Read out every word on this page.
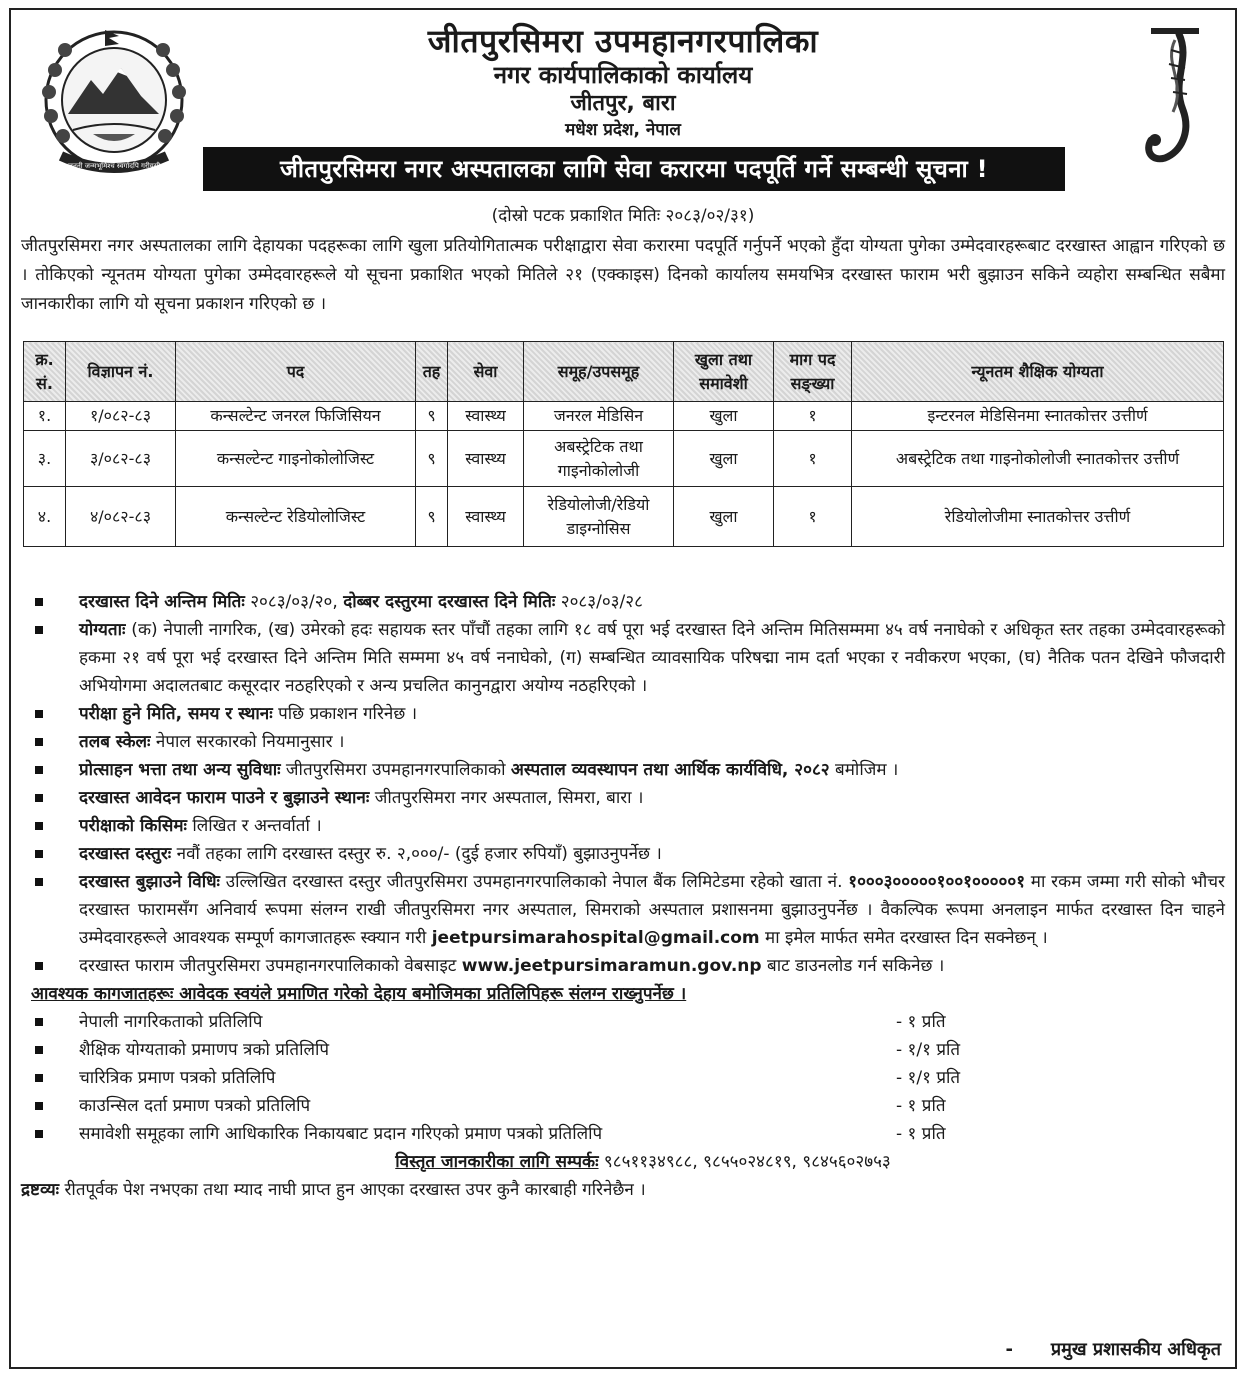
जननी जन्मभूमिश्च स्वर्गादपि गरीयसी
जीतपुरसिमरा उपमहानगरपालिका
नगर कार्यपालिकाको कार्यालय
जीतपुर, बारा
मधेश प्रदेश, नेपाल
जीतपुरसिमरा नगर अस्पतालका लागि सेवा करारमा पदपूर्ति गर्ने सम्बन्धी सूचना !
(दोस्रो पटक प्रकाशित मितिः २०८३/०२/३१)
जीतपुरसिमरा नगर अस्पतालका लागि देहायका पदहरूका लागि खुला प्रतियोगितात्मक परीक्षाद्वारा सेवा करारमा पदपूर्ति गर्नुपर्ने भएको हुँदा योग्यता पुगेका उम्मेदवारहरूबाट दरखास्त आह्वान गरिएको छ । तोकिएको न्यूनतम योग्यता पुगेका उम्मेदवारहरूले यो सूचना प्रकाशित भएको मितिले २१ (एक्काइस) दिनको कार्यालय समयभित्र दरखास्त फाराम भरी बुझाउन सकिने व्यहोरा सम्बन्धित सबैमा जानकारीका लागि यो सूचना प्रकाशन गरिएको छ ।
क्र. सं.	विज्ञापन नं.	पद	तह	सेवा	समूह/उपसमूह	खुला तथा समावेशी	माग पद सङ्ख्या	न्यूनतम शैक्षिक योग्यता
१.	१/०८२-८३	कन्सल्टेन्ट जनरल फिजिसियन	९	स्वास्थ्य	जनरल मेडिसिन	खुला	१	इन्टरनल मेडिसिनमा स्नातकोत्तर उत्तीर्ण
३.	३/०८२-८३	कन्सल्टेन्ट गाइनोकोलोजिस्ट	९	स्वास्थ्य	अबस्ट्रेटिक तथा गाइनोकोलोजी	खुला	१	अबस्ट्रेटिक तथा गाइनोकोलोजी स्नातकोत्तर उत्तीर्ण
४.	४/०८२-८३	कन्सल्टेन्ट रेडियोलोजिस्ट	९	स्वास्थ्य	रेडियोलोजी/रेडियो डाइग्नोसिस	खुला	१	रेडियोलोजीमा स्नातकोत्तर उत्तीर्ण
दरखास्त दिने अन्तिम मितिः २०८३/०३/२०, दोब्बर दस्तुरमा दरखास्त दिने मितिः २०८३/०३/२८
योग्यताः (क) नेपाली नागरिक, (ख) उमेरको हदः सहायक स्तर पाँचौं तहका लागि १८ वर्ष पूरा भई दरखास्त दिने अन्तिम मितिसम्ममा ४५ वर्ष ननाघेको र अधिकृत स्तर तहका उम्मेदवारहरूको हकमा २१ वर्ष पूरा भई दरखास्त दिने अन्तिम मिति सम्ममा ४५ वर्ष ननाघेको, (ग) सम्बन्धित व्यावसायिक परिषद्मा नाम दर्ता भएका र नवीकरण भएका, (घ) नैतिक पतन देखिने फौजदारी अभियोगमा अदालतबाट कसूरदार नठहरिएको र अन्य प्रचलित कानुनद्वारा अयोग्य नठहरिएको ।
परीक्षा हुने मिति, समय र स्थानः पछि प्रकाशन गरिनेछ ।
तलब स्केलः नेपाल सरकारको नियमानुसार ।
प्रोत्साहन भत्ता तथा अन्य सुविधाः जीतपुरसिमरा उपमहानगरपालिकाको अस्पताल व्यवस्थापन तथा आर्थिक कार्यविधि, २०८२ बमोजिम ।
दरखास्त आवेदन फाराम पाउने र बुझाउने स्थानः जीतपुरसिमरा नगर अस्पताल, सिमरा, बारा ।
परीक्षाको किसिमः लिखित र अन्तर्वार्ता ।
दरखास्त दस्तुरः नवौं तहका लागि दरखास्त दस्तुर रु. २,०००/- (दुई हजार रुपियाँ) बुझाउनुपर्नेछ ।
दरखास्त बुझाउने विधिः उल्लिखित दरखास्त दस्तुर जीतपुरसिमरा उपमहानगरपालिकाको नेपाल बैंक लिमिटेडमा रहेको खाता नं. १०००३०००००१००१०००००१ मा रकम जम्मा गरी सोको भौचर दरखास्त फारामसँग अनिवार्य रूपमा संलग्न राखी जीतपुरसिमरा नगर अस्पताल, सिमराको अस्पताल प्रशासनमा बुझाउनुपर्नेछ । वैकल्पिक रूपमा अनलाइन मार्फत दरखास्त दिन चाहने उम्मेदवारहरूले आवश्यक सम्पूर्ण कागजातहरू स्क्यान गरी jeetpursimarahospital@gmail.com मा इमेल मार्फत समेत दरखास्त दिन सक्नेछन् ।
दरखास्त फाराम जीतपुरसिमरा उपमहानगरपालिकाको वेबसाइट www.jeetpursimaramun.gov.np बाट डाउनलोड गर्न सकिनेछ ।
आवश्यक कागजातहरूः आवेदक स्वयंले प्रमाणित गरेको देहाय बमोजिमका प्रतिलिपिहरू संलग्न राख्नुपर्नेछ ।
नेपाली नागरिकताको प्रतिलिपि	- १ प्रति
शैक्षिक योग्यताको प्रमाणप त्रको प्रतिलिपि	- १/१ प्रति
चारित्रिक प्रमाण पत्रको प्रतिलिपि	- १/१ प्रति
काउन्सिल दर्ता प्रमाण पत्रको प्रतिलिपि	- १ प्रति
समावेशी समूहका लागि आधिकारिक निकायबाट प्रदान गरिएको प्रमाण पत्रको प्रतिलिपि	- १ प्रति
विस्तृत जानकारीका लागि सम्पर्कः ९८५११३४९८८, ९८५५०२४८१९, ९८४५६०२७५३
द्रष्टव्यः रीतपूर्वक पेश नभएका तथा म्याद नाघी प्राप्त हुन आएका दरखास्त उपर कुनै कारबाही गरिनेछैन ।
- प्रमुख प्रशासकीय अधिकृत
